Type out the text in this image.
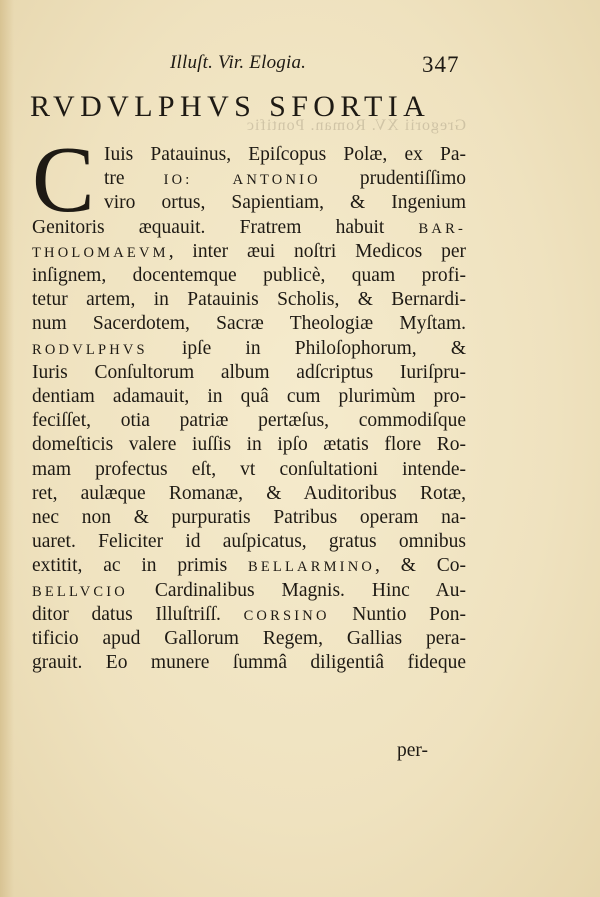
Illuſt. Vir. Elogia.	347
RVDVLPHVS SFORTIA
Gregorii XV. Roman. Pontific
C Iuis Patauinus, Epiſcopus Polæ, ex Pa-
tre IO: ANTONIO prudentiſſimo
viro ortus, Sapientiam, & Ingenium
Genitoris æquauit. Fratrem habuit BAR-
THOLOMAEVM, inter æui noſtri Medicos per
inſignem, docentemque publicè, quam profi-
tetur artem, in Patauinis Scholis, & Bernardi-
num Sacerdotem, Sacræ Theologiæ Myſtam.
RODVLPHVS ipſe in Philoſophorum, &
Iuris Conſultorum album adſcriptus Iuriſpru-
dentiam adamauit, in quâ cum plurimùm pro-
feciſſet, otia patriæ pertæſus, commodiſque
domeſticis valere iuſſis in ipſo ætatis flore Ro-
mam profectus eſt, vt conſultationi intende-
ret, aulæque Romanæ, & Auditoribus Rotæ,
nec non & purpuratis Patribus operam na-
uaret. Feliciter id auſpicatus, gratus omnibus
extitit, ac in primis BELLARMINO, & Co-
BELLVCIO Cardinalibus Magnis. Hinc Au-
ditor datus Illuſtriſſ. CORSINO Nuntio Pon-
tificio apud Gallorum Regem, Gallias pera-
grauit. Eo munere ſummâ diligentiâ fideque
per-
